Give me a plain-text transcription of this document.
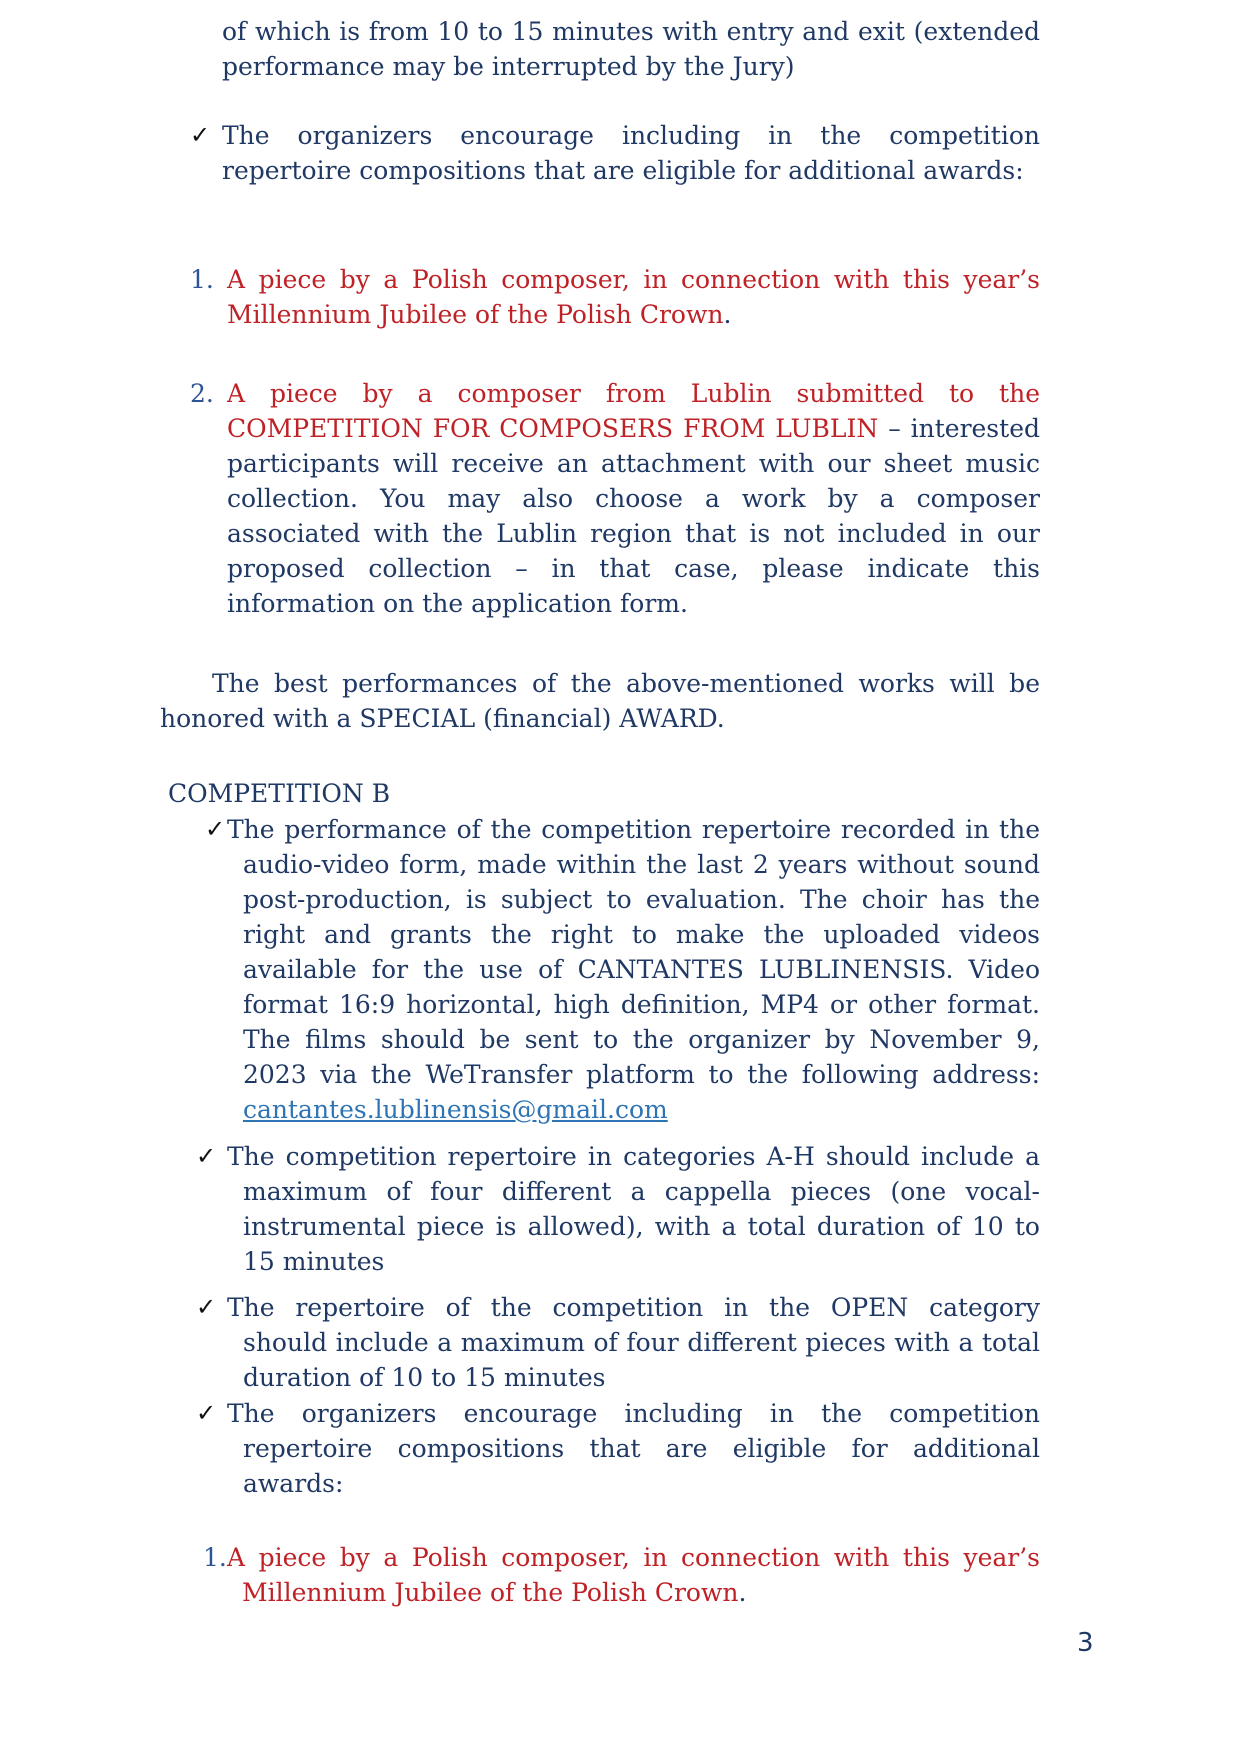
of which is from 10 to 15 minutes with entry and exit (extended
performance may be interrupted by the Jury)
✓ The organizers encourage including in the competition
repertoire compositions that are eligible for additional awards:
1. A piece by a Polish composer, in connection with this year’s
Millennium Jubilee of the Polish Crown.
2. A piece by a composer from Lublin submitted to the
COMPETITION FOR COMPOSERS FROM LUBLIN – interested
participants will receive an attachment with our sheet music
collection. You may also choose a work by a composer
associated with the Lublin region that is not included in our
proposed collection – in that case, please indicate this
information on the application form.
The best performances of the above-mentioned works will be
honored with a SPECIAL (financial) AWARD.
COMPETITION B
✓ The performance of the competition repertoire recorded in the
audio-video form, made within the last 2 years without sound
post-production, is subject to evaluation. The choir has the
right and grants the right to make the uploaded videos
available for the use of CANTANTES LUBLINENSIS. Video
format 16:9 horizontal, high definition, MP4 or other format.
The films should be sent to the organizer by November 9,
2023 via the WeTransfer platform to the following address:
cantantes.lublinensis@gmail.com
✓ The competition repertoire in categories A-H should include a
maximum of four different a cappella pieces (one vocal-
instrumental piece is allowed), with a total duration of 10 to
15 minutes
✓ The repertoire of the competition in the OPEN category
should include a maximum of four different pieces with a total
duration of 10 to 15 minutes
✓ The organizers encourage including in the competition
repertoire compositions that are eligible for additional
awards:
1. A piece by a Polish composer, in connection with this year’s
Millennium Jubilee of the Polish Crown.
3
